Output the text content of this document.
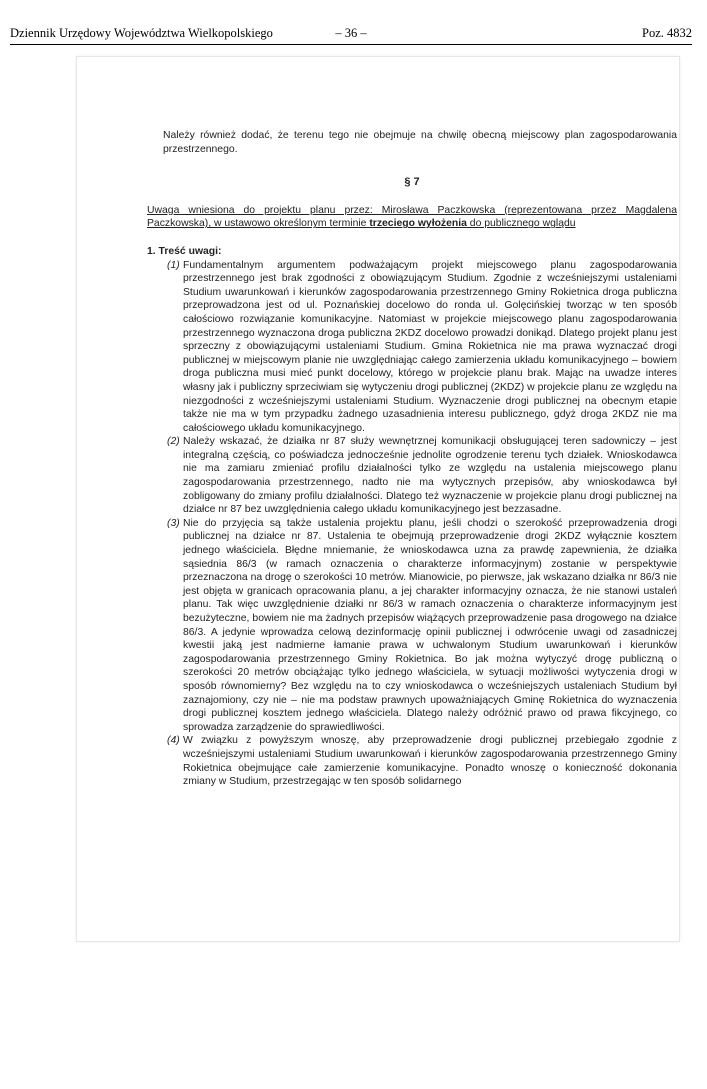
Dziennik Urzędowy Województwa Wielkopolskiego	– 36 –	Poz. 4832

Należy również dodać, że terenu tego nie obejmuje na chwilę obecną miejscowy plan zagospodarowania przestrzennego.

§ 7

Uwaga wniesiona do projektu planu przez: Mirosława Paczkowska (reprezentowana przez Magdalena Paczkowska), w ustawowo określonym terminie trzeciego wyłożenia do publicznego wglądu

1. Treść uwagi:

(1) Fundamentalnym argumentem podważającym projekt miejscowego planu zagospodarowania przestrzennego jest brak zgodności z obowiązującym Studium. Zgodnie z wcześniejszymi ustaleniami Studium uwarunkowań i kierunków zagospodarowania przestrzennego Gminy Rokietnica droga publiczna przeprowadzona jest od ul. Poznańskiej docelowo do ronda ul. Golęcińskiej tworząc w ten sposób całościowo rozwiązanie komunikacyjne. Natomiast w projekcie miejscowego planu zagospodarowania przestrzennego wyznaczona droga publiczna 2KDZ docelowo prowadzi donikąd. Dlatego projekt planu jest sprzeczny z obowiązującymi ustaleniami Studium. Gmina Rokietnica nie ma prawa wyznaczać drogi publicznej w miejscowym planie nie uwzględniając całego zamierzenia układu komunikacyjnego – bowiem droga publiczna musi mieć punkt docelowy, którego w projekcie planu brak. Mając na uwadze interes własny jak i publiczny sprzeciwiam się wytyczeniu drogi publicznej (2KDZ) w projekcie planu ze względu na niezgodności z wcześniejszymi ustaleniami Studium. Wyznaczenie drogi publicznej na obecnym etapie także nie ma w tym przypadku żadnego uzasadnienia interesu publicznego, gdyż droga 2KDZ nie ma całościowego układu komunikacyjnego.

(2) Należy wskazać, że działka nr 87 służy wewnętrznej komunikacji obsługującej teren sadowniczy – jest integralną częścią, co poświadcza jednocześnie jednolite ogrodzenie terenu tych działek. Wnioskodawca nie ma zamiaru zmieniać profilu działalności tylko ze względu na ustalenia miejscowego planu zagospodarowania przestrzennego, nadto nie ma wytycznych przepisów, aby wnioskodawca był zobligowany do zmiany profilu działalności. Dlatego też wyznaczenie w projekcie planu drogi publicznej na działce nr 87 bez uwzględnienia całego układu komunikacyjnego jest bezzasadne.

(3) Nie do przyjęcia są także ustalenia projektu planu, jeśli chodzi o szerokość przeprowadzenia drogi publicznej na działce nr 87. Ustalenia te obejmują przeprowadzenie drogi 2KDZ wyłącznie kosztem jednego właściciela. Błędne mniemanie, że wnioskodawca uzna za prawdę zapewnienia, że działka sąsiednia 86/3 (w ramach oznaczenia o charakterze informacyjnym) zostanie w perspektywie przeznaczona na drogę o szerokości 10 metrów. Mianowicie, po pierwsze, jak wskazano działka nr 86/3 nie jest objęta w granicach opracowania planu, a jej charakter informacyjny oznacza, że nie stanowi ustaleń planu. Tak więc uwzględnienie działki nr 86/3 w ramach oznaczenia o charakterze informacyjnym jest bezużyteczne, bowiem nie ma żadnych przepisów wiążących przeprowadzenie pasa drogowego na działce 86/3. A jedynie wprowadza celową dezinformację opinii publicznej i odwrócenie uwagi od zasadniczej kwestii jaką jest nadmierne łamanie prawa w uchwalonym Studium uwarunkowań i kierunków zagospodarowania przestrzennego Gminy Rokietnica. Bo jak można wytyczyć drogę publiczną o szerokości 20 metrów obciążając tylko jednego właściciela, w sytuacji możliwości wytyczenia drogi w sposób równomierny? Bez względu na to czy wnioskodawca o wcześniejszych ustaleniach Studium był zaznajomiony, czy nie – nie ma podstaw prawnych upoważniających Gminę Rokietnica do wyznaczenia drogi publicznej kosztem jednego właściciela. Dlatego należy odróżnić prawo od prawa fikcyjnego, co sprowadza zarządzenie do sprawiedliwości.

(4) W związku z powyższym wnoszę, aby przeprowadzenie drogi publicznej przebiegało zgodnie z wcześniejszymi ustaleniami Studium uwarunkowań i kierunków zagospodarowania przestrzennego Gminy Rokietnica obejmujące całe zamierzenie komunikacyjne. Ponadto wnoszę o konieczność dokonania zmiany w Studium, przestrzegając w ten sposób solidarnego
